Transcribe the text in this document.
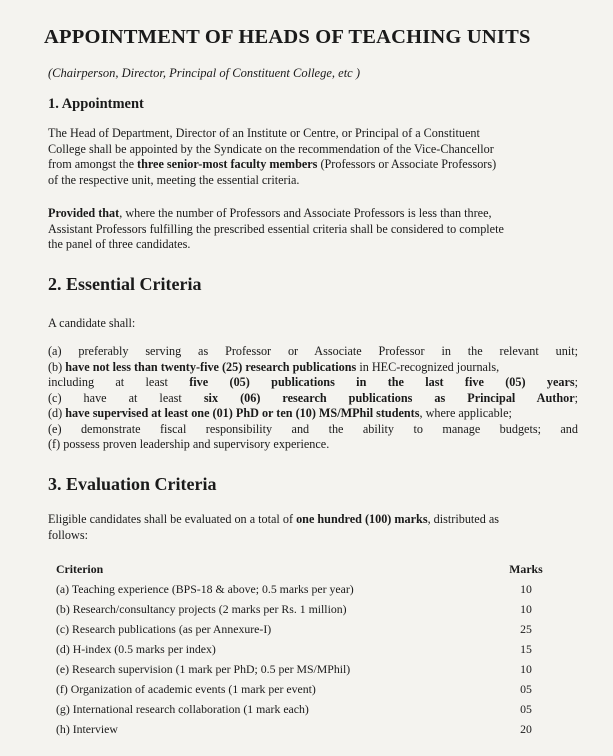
APPOINTMENT OF HEADS OF TEACHING UNITS
(Chairperson, Director, Principal of Constituent College, etc )
1. Appointment
The Head of Department, Director of an Institute or Centre, or Principal of a Constituent
College shall be appointed by the Syndicate on the recommendation of the Vice-Chancellor
from amongst the three senior-most faculty members (Professors or Associate Professors)
of the respective unit, meeting the essential criteria.
Provided that, where the number of Professors and Associate Professors is less than three,
Assistant Professors fulfilling the prescribed essential criteria shall be considered to complete
the panel of three candidates.
2. Essential Criteria
A candidate shall:
(a) preferably serving as Professor or Associate Professor in the relevant unit;
(b) have not less than twenty-five (25) research publications in HEC-recognized journals,
including at least five (05) publications in the last five (05) years;
(c) have at least six (06) research publications as Principal Author;
(d) have supervised at least one (01) PhD or ten (10) MS/MPhil students, where applicable;
(e) demonstrate fiscal responsibility and the ability to manage budgets; and
(f) possess proven leadership and supervisory experience.
3. Evaluation Criteria
Eligible candidates shall be evaluated on a total of one hundred (100) marks, distributed as
follows:
Criterion	Marks
(a) Teaching experience (BPS-18 & above; 0.5 marks per year)	10
(b) Research/consultancy projects (2 marks per Rs. 1 million)	10
(c) Research publications (as per Annexure-I)	25
(d) H-index (0.5 marks per index)	15
(e) Research supervision (1 mark per PhD; 0.5 per MS/MPhil)	10
(f) Organization of academic events (1 mark per event)	05
(g) International research collaboration (1 mark each)	05
(h) Interview	20
